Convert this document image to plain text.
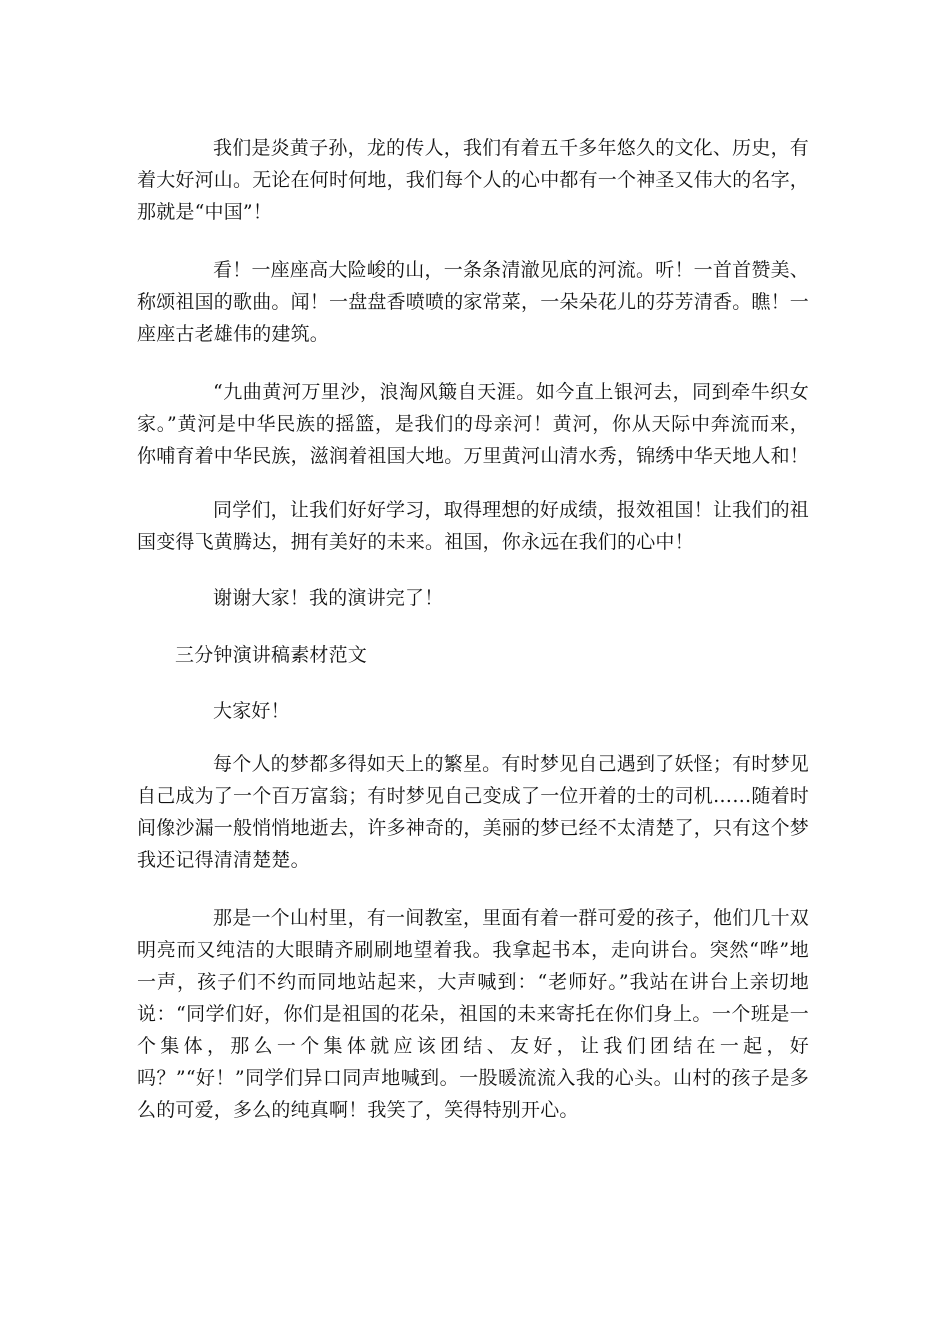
我们是炎黄子孙，龙的传人，我们有着五千多年悠久的文化、历史，有着大好河山。无论在何时何地，我们每个人的心中都有一个神圣又伟大的名字，那就是“中国”！

看！一座座高大险峻的山，一条条清澈见底的河流。听！一首首赞美、称颂祖国的歌曲。闻！一盘盘香喷喷的家常菜，一朵朵花儿的芬芳清香。瞧！一座座古老雄伟的建筑。

“九曲黄河万里沙，浪淘风簸自天涯。如今直上银河去，同到牵牛织女家。”黄河是中华民族的摇篮，是我们的母亲河！黄河，你从天际中奔流而来，你哺育着中华民族，滋润着祖国大地。万里黄河山清水秀，锦绣中华天地人和！

同学们，让我们好好学习，取得理想的好成绩，报效祖国！让我们的祖国变得飞黄腾达，拥有美好的未来。祖国，你永远在我们的心中！

谢谢大家！我的演讲完了！

三分钟演讲稿素材范文

大家好！

每个人的梦都多得如天上的繁星。有时梦见自己遇到了妖怪；有时梦见自己成为了一个百万富翁；有时梦见自己变成了一位开着的士的司机……随着时间像沙漏一般悄悄地逝去，许多神奇的，美丽的梦已经不太清楚了，只有这个梦我还记得清清楚楚。

那是一个山村里，有一间教室，里面有着一群可爱的孩子，他们几十双明亮而又纯洁的大眼睛齐刷刷地望着我。我拿起书本，走向讲台。突然“哗”地一声，孩子们不约而同地站起来，大声喊到：“老师好。”我站在讲台上亲切地说：“同学们好，你们是祖国的花朵，祖国的未来寄托在你们身上。一个班是一个集体，那么一个集体就应该团结、友好，让我们团结在一起，好吗？”“好！”同学们异口同声地喊到。一股暖流流入我的心头。山村的孩子是多么的可爱，多么的纯真啊！我笑了，笑得特别开心。
